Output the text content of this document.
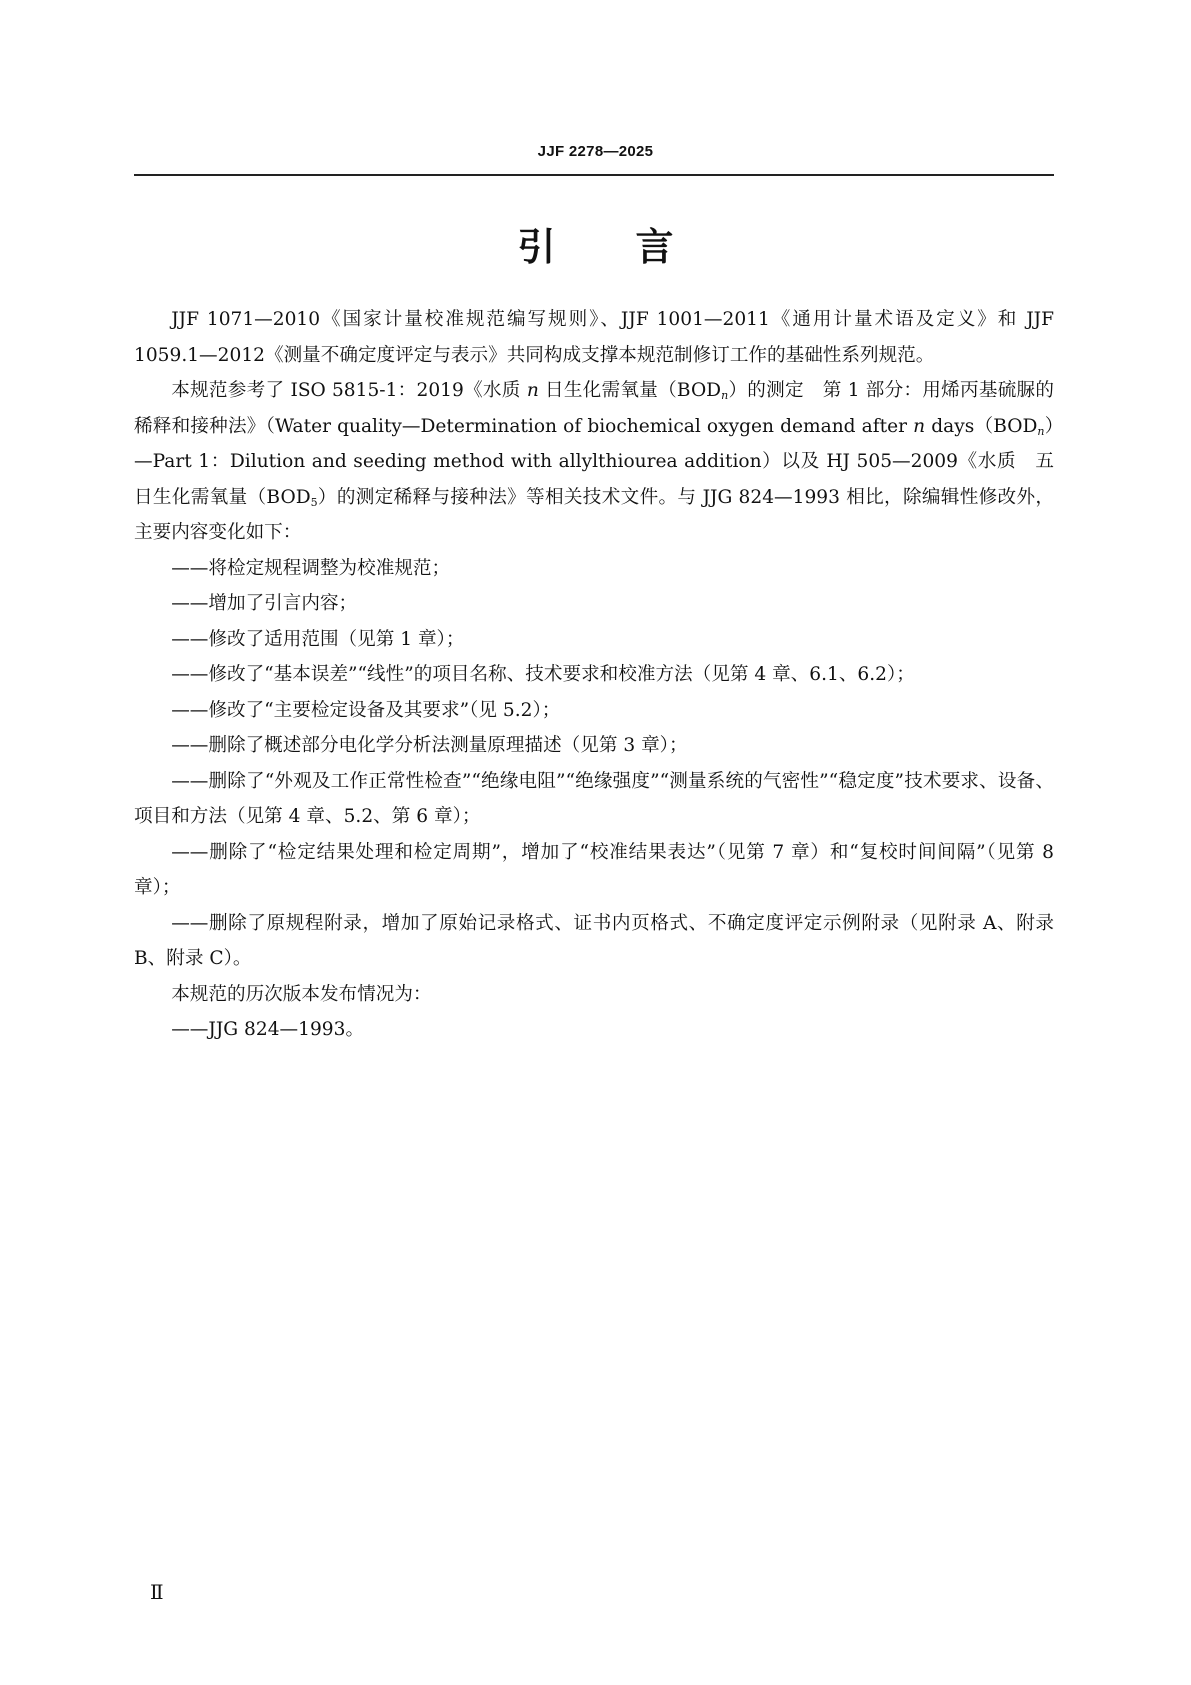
JJF 2278—2025
引言

JJF 1071—2010《国家计量校准规范编写规则》、JJF 1001—2011《通用计量术语及定义》和 JJF 1059.1—2012《测量不确定度评定与表示》共同构成支撑本规范制修订工作的基础性系列规范。

本规范参考了 ISO 5815-1：2019《水质 n 日生化需氧量$(BOD_n)$的测定　第 1 部分：用烯丙基硫脲的稀释和接种法》（Water quality—Determination of biochemical oxygen demand after n $days(BOD_n)—Part$ 1：Dilution and seeding method with allylthiourea addition）以及 HJ 505—2009《水质　五日生化需氧量$(BOD_5)$的测定稀释与接种法》等相关技术文件。与 JJG 824—1993 相比，除编辑性修改外，主要内容变化如下：

——将检定规程调整为校准规范；

——增加了引言内容；

——修改了适用范围（见第 1 章）；

——修改了“基本误差”“线性”的项目名称、技术要求和校准方法（见第 4 章、6.1、6.2）；

——修改了“主要检定设备及其要求”（见 5.2）；

——删除了概述部分电化学分析法测量原理描述（见第 3 章）；

——删除了“外观及工作正常性检查”“绝缘电阻”“绝缘强度”“测量系统的气密性”“稳定度”技术要求、设备、项目和方法（见第 4 章、5.2、第 6 章）；

——删除了“检定结果处理和检定周期”，增加了“校准结果表达”（见第 7 章）和“复校时间间隔”（见第 8 章）；

——删除了原规程附录，增加了原始记录格式、证书内页格式、不确定度评定示例附录（见附录 A、附录 B、附录 C）。

本规范的历次版本发布情况为：

——JJG 824—1993。

Ⅱ
